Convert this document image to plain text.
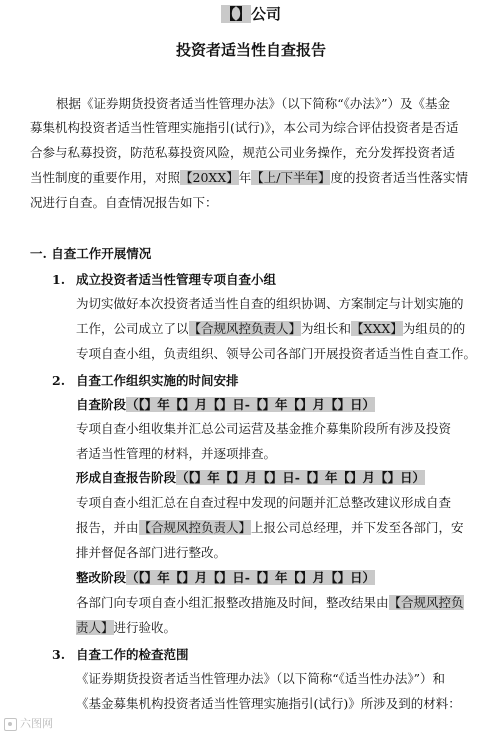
【】公司
投资者适当性自查报告
根据《证券期货投资者适当性管理办法》（以下简称“《办法》”）及《基金
募集机构投资者适当性管理实施指引(试行)》，本公司为综合评估投资者是否适
合参与私募投资，防范私募投资风险，规范公司业务操作，充分发挥投资者适
当性制度的重要作用，对照【20XX】年【上/下半年】度的投资者适当性落实情
况进行自查。自查情况报告如下：
一. 自查工作开展情况
1. 成立投资者适当性管理专项自查小组
为切实做好本次投资者适当性自查的组织协调、方案制定与计划实施的
工作，公司成立了以【合规风控负责人】为组长和【XXX】为组员的的
专项自查小组，负责组织、领导公司各部门开展投资者适当性自查工作。
2. 自查工作组织实施的时间安排
自查阶段（【】年【】月【】日-【】年【】月【】日）
专项自查小组收集并汇总公司运营及基金推介募集阶段所有涉及投资
者适当性管理的材料，并逐项排查。
形成自查报告阶段（【】年【】月【】日-【】年【】月【】日）
专项自查小组汇总在自查过程中发现的问题并汇总整改建议形成自查
报告，并由【合规风控负责人】上报公司总经理，并下发至各部门，安
排并督促各部门进行整改。
整改阶段（【】年【】月【】日-【】年【】月【】日）
各部门向专项自查小组汇报整改措施及时间，整改结果由【合规风控负
责人】进行验收。
3. 自查工作的检查范围
《证券期货投资者适当性管理办法》（以下简称“《适当性办法》”）和
《基金募集机构投资者适当性管理实施指引(试行)》所涉及到的材料：
六图网
